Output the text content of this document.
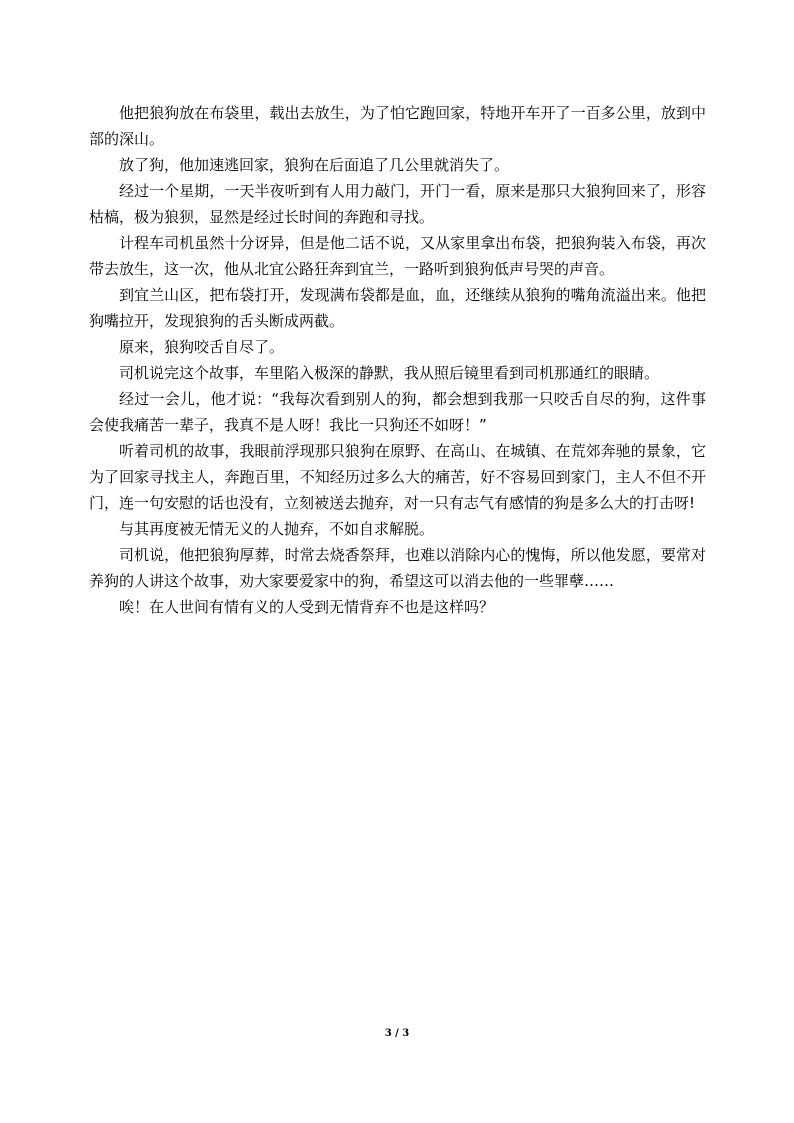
他把狼狗放在布袋里，载出去放生，为了怕它跑回家，特地开车开了一百多公里，放到中部的深山。

放了狗，他加速逃回家，狼狗在后面追了几公里就消失了。

经过一个星期，一天半夜听到有人用力敲门，开门一看，原来是那只大狼狗回来了，形容枯槁，极为狼狈，显然是经过长时间的奔跑和寻找。

计程车司机虽然十分讶异，但是他二话不说，又从家里拿出布袋，把狼狗装入布袋，再次带去放生，这一次，他从北宜公路狂奔到宜兰，一路听到狼狗低声号哭的声音。

到宜兰山区，把布袋打开，发现满布袋都是血，血，还继续从狼狗的嘴角流溢出来。他把狗嘴拉开，发现狼狗的舌头断成两截。

原来，狼狗咬舌自尽了。

司机说完这个故事，车里陷入极深的静默，我从照后镜里看到司机那通红的眼睛。

经过一会儿，他才说：“我每次看到别人的狗，都会想到我那一只咬舌自尽的狗，这件事会使我痛苦一辈子，我真不是人呀！我比一只狗还不如呀！”

听着司机的故事，我眼前浮现那只狼狗在原野、在高山、在城镇、在荒郊奔驰的景象，它为了回家寻找主人，奔跑百里，不知经历过多么大的痛苦，好不容易回到家门，主人不但不开门，连一句安慰的话也没有，立刻被送去抛弃，对一只有志气有感情的狗是多么大的打击呀!

与其再度被无情无义的人抛弃，不如自求解脱。

司机说，他把狼狗厚葬，时常去烧香祭拜，也难以消除内心的愧悔，所以他发愿，要常对养狗的人讲这个故事，劝大家要爱家中的狗，希望这可以消去他的一些罪孽……

唉！在人世间有情有义的人受到无情背弃不也是这样吗？

3 / 3
